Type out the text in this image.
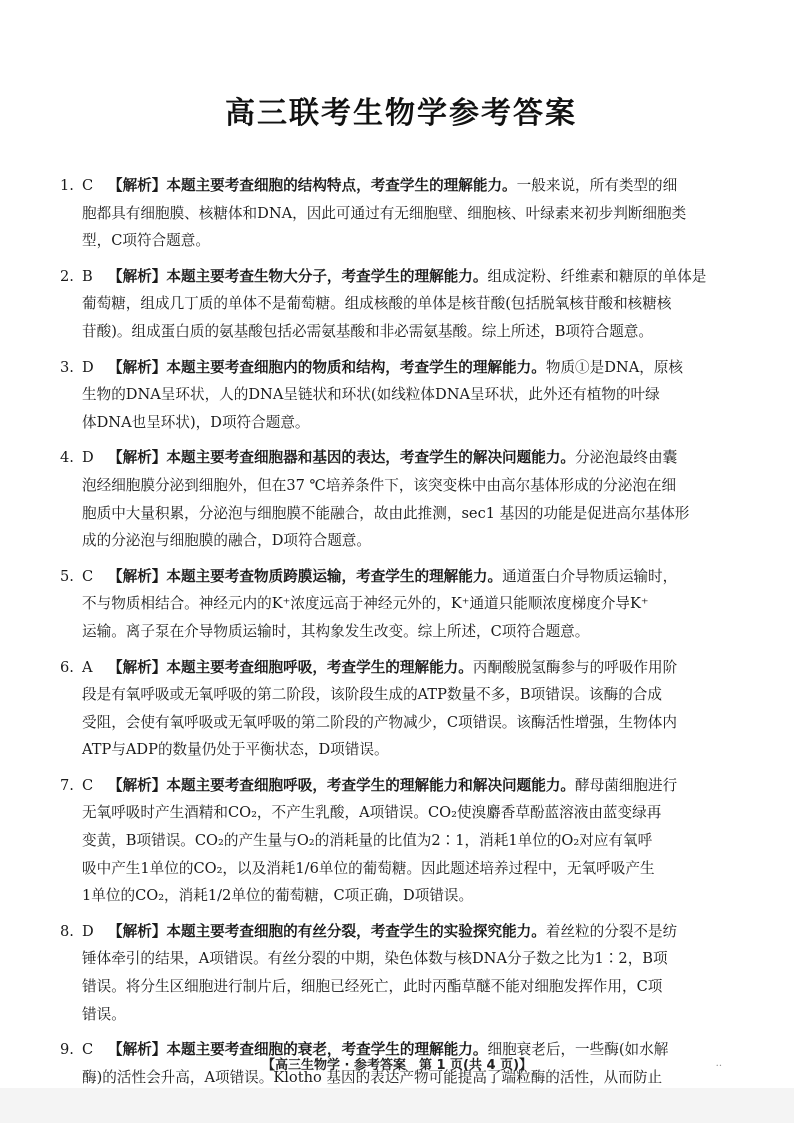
高三联考生物学参考答案
1. C 【解析】本题主要考查细胞的结构特点，考查学生的理解能力。一般来说，所有类型的细
胞都具有细胞膜、核糖体和DNA，因此可通过有无细胞壁、细胞核、叶绿素来初步判断细胞类
型，C项符合题意。
2. B 【解析】本题主要考查生物大分子，考查学生的理解能力。组成淀粉、纤维素和糖原的单体是
葡萄糖，组成几丁质的单体不是葡萄糖。组成核酸的单体是核苷酸(包括脱氧核苷酸和核糖核
苷酸)。组成蛋白质的氨基酸包括必需氨基酸和非必需氨基酸。综上所述，B项符合题意。
3. D 【解析】本题主要考查细胞内的物质和结构，考查学生的理解能力。物质①是DNA，原核
生物的DNA呈环状，人的DNA呈链状和环状(如线粒体DNA呈环状，此外还有植物的叶绿
体DNA也呈环状)，D项符合题意。
4. D 【解析】本题主要考查细胞器和基因的表达，考查学生的解决问题能力。分泌泡最终由囊
泡经细胞膜分泌到细胞外，但在37 ℃培养条件下，该突变株中由高尔基体形成的分泌泡在细
胞质中大量积累，分泌泡与细胞膜不能融合，故由此推测，sec1 基因的功能是促进高尔基体形
成的分泌泡与细胞膜的融合，D项符合题意。
5. C 【解析】本题主要考查物质跨膜运输，考查学生的理解能力。通道蛋白介导物质运输时，
不与物质相结合。神经元内的K⁺浓度远高于神经元外的，K⁺通道只能顺浓度梯度介导K⁺
运输。离子泵在介导物质运输时，其构象发生改变。综上所述，C项符合题意。
6. A 【解析】本题主要考查细胞呼吸，考查学生的理解能力。丙酮酸脱氢酶参与的呼吸作用阶
段是有氧呼吸或无氧呼吸的第二阶段，该阶段生成的ATP数量不多，B项错误。该酶的合成
受阻，会使有氧呼吸或无氧呼吸的第二阶段的产物减少，C项错误。该酶活性增强，生物体内
ATP与ADP的数量仍处于平衡状态，D项错误。
7. C 【解析】本题主要考查细胞呼吸，考查学生的理解能力和解决问题能力。酵母菌细胞进行
无氧呼吸时产生酒精和CO₂，不产生乳酸，A项错误。CO₂使溴麝香草酚蓝溶液由蓝变绿再
变黄，B项错误。CO₂的产生量与O₂的消耗量的比值为2∶1，消耗1单位的O₂对应有氧呼
吸中产生1单位的CO₂，以及消耗1/6单位的葡萄糖。因此题述培养过程中，无氧呼吸产生
1单位的CO₂，消耗1/2单位的葡萄糖，C项正确，D项错误。
8. D 【解析】本题主要考查细胞的有丝分裂，考查学生的实验探究能力。着丝粒的分裂不是纺
锤体牵引的结果，A项错误。有丝分裂的中期，染色体数与核DNA分子数之比为1∶2，B项
错误。将分生区细胞进行制片后，细胞已经死亡，此时丙酯草醚不能对细胞发挥作用，C项
错误。
9. C 【解析】本题主要考查细胞的衰老，考查学生的理解能力。细胞衰老后，一些酶(如水解
酶)的活性会升高，A项错误。Klotho 基因的表达产物可能提高了端粒酶的活性，从而防止
【高三生物学 · 参考答案　第 1 页(共 4 页)】	..
